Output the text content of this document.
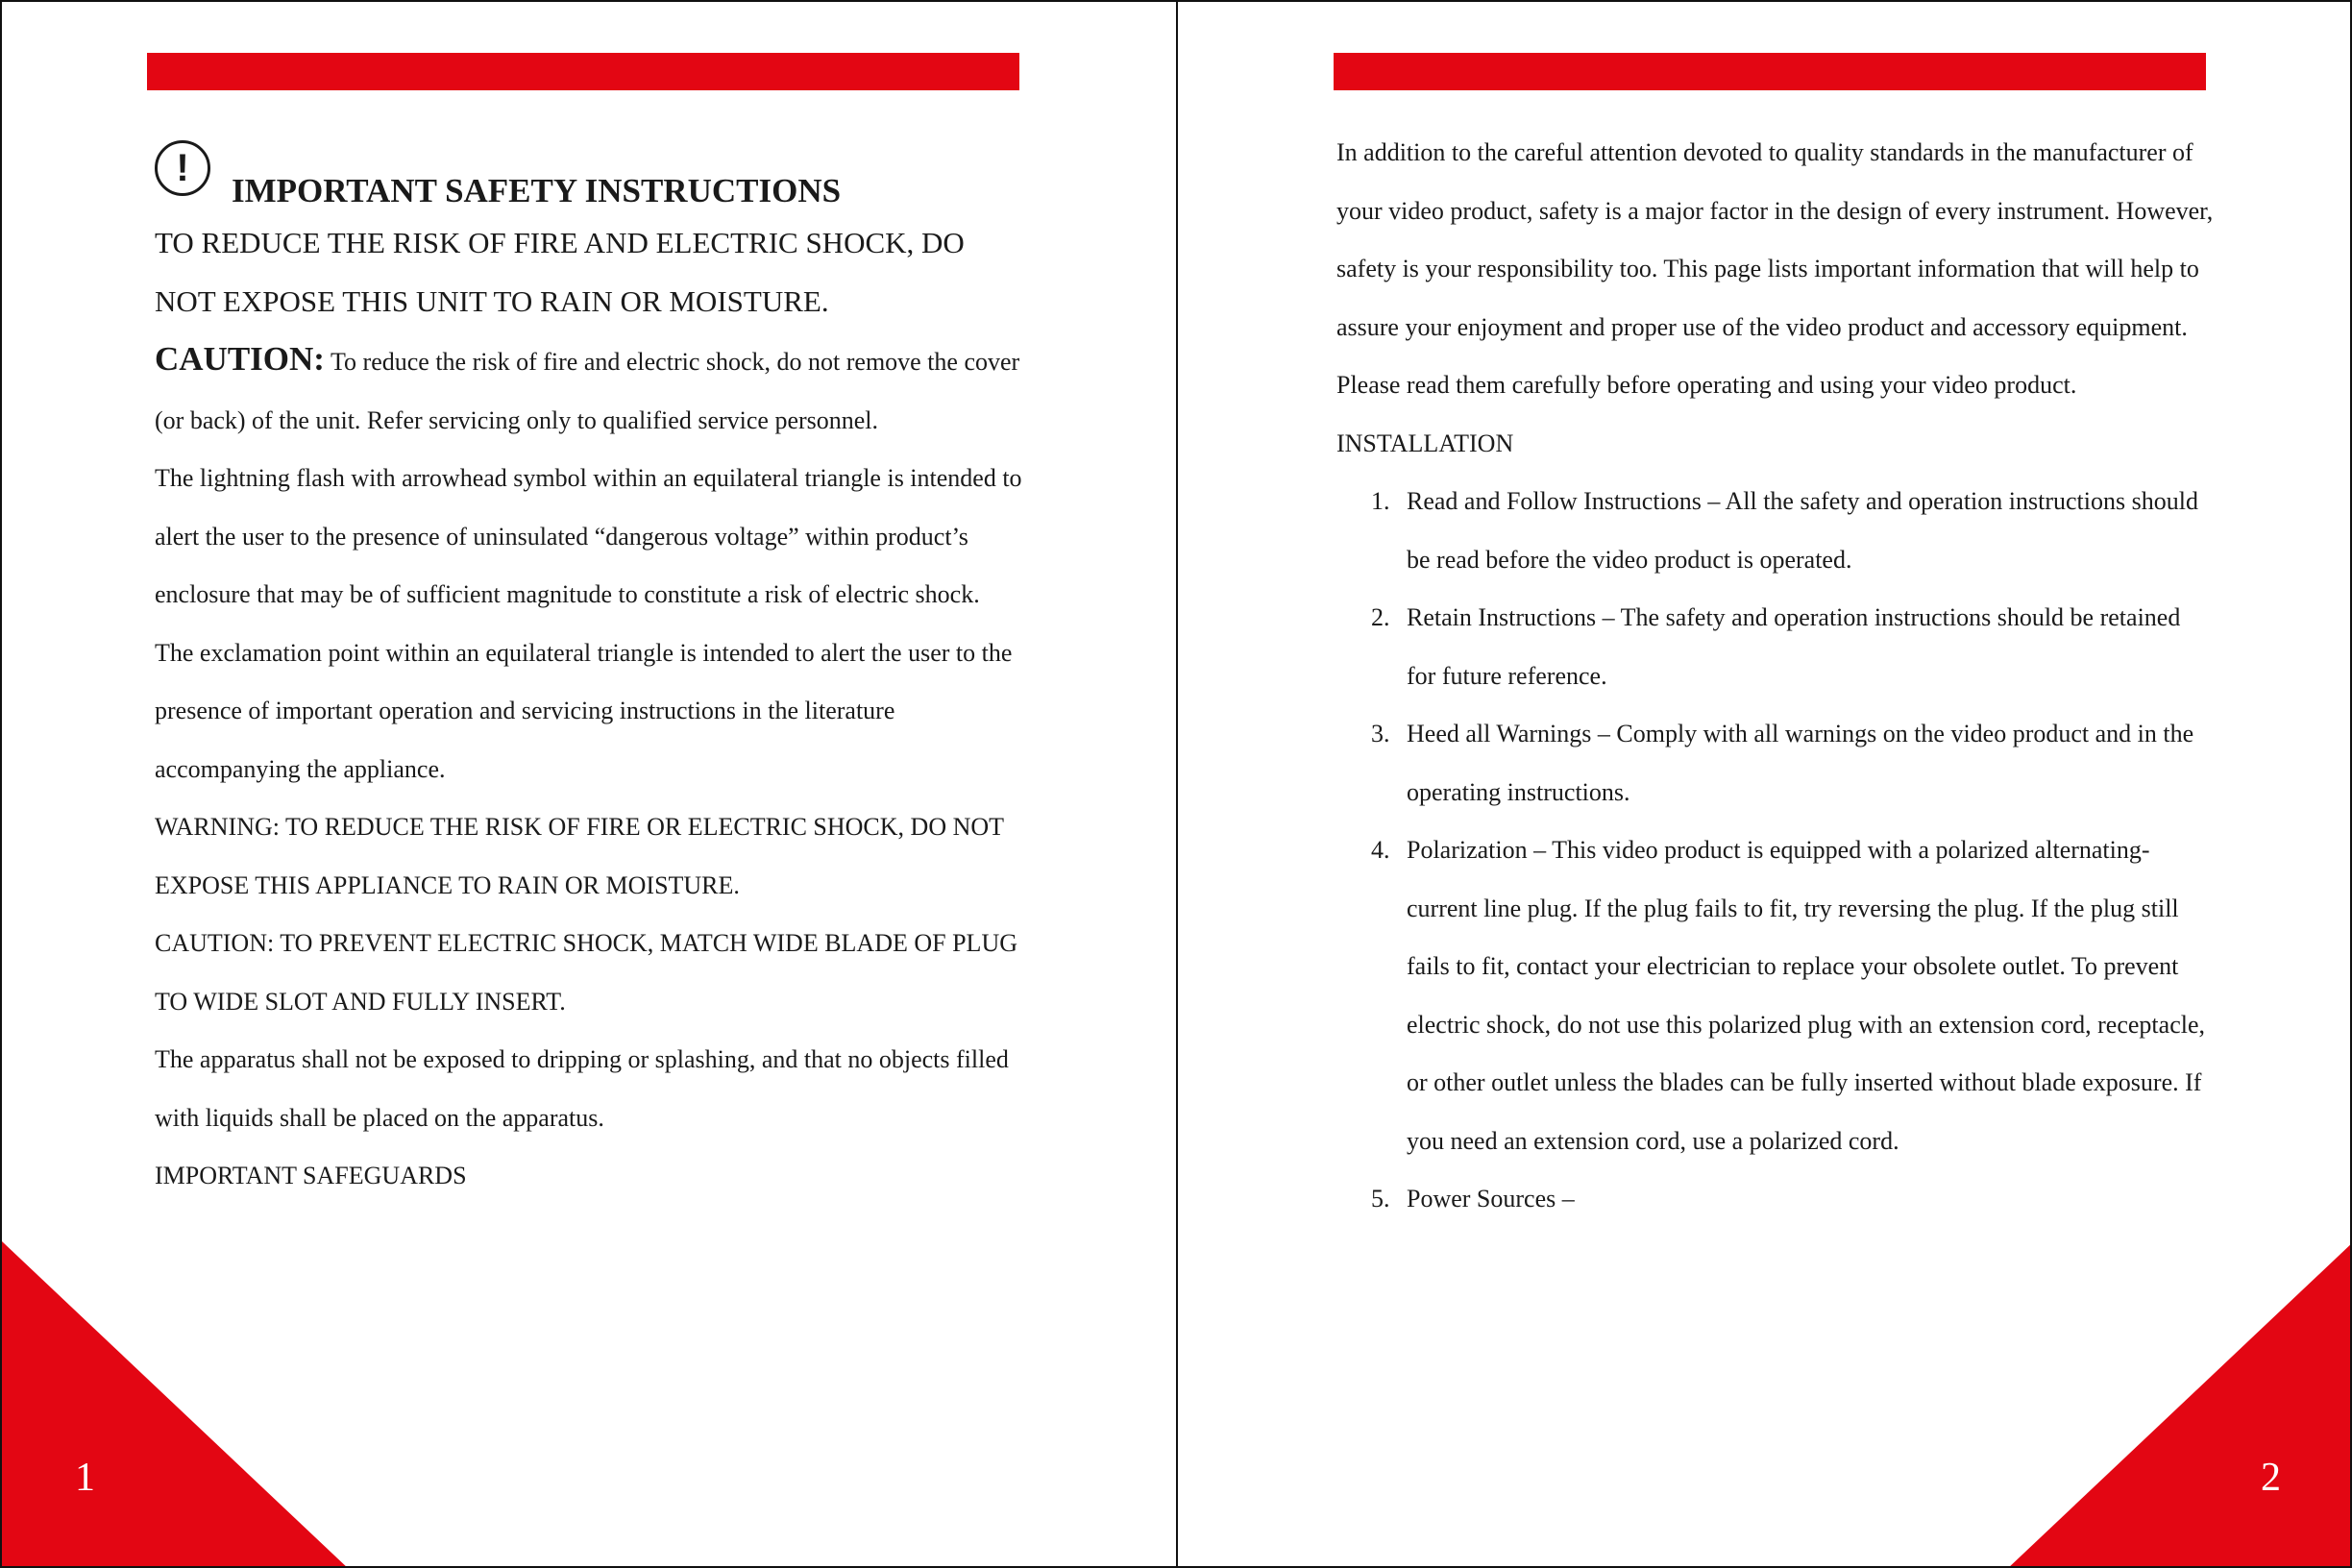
!
IMPORTANT SAFETY INSTRUCTIONS

TO REDUCE THE RISK OF FIRE AND ELECTRIC SHOCK, DO NOT EXPOSE THIS UNIT TO RAIN OR MOISTURE.

CAUTION: To reduce the risk of fire and electric shock, do not remove the cover (or back) of the unit. Refer servicing only to qualified service personnel.

The lightning flash with arrowhead symbol within an equilateral triangle is intended to alert the user to the presence of uninsulated “dangerous voltage” within product’s enclosure that may be of sufficient magnitude to constitute a risk of electric shock.

The exclamation point within an equilateral triangle is intended to alert the user to the presence of important operation and servicing instructions in the literature accompanying the appliance.

WARNING: TO REDUCE THE RISK OF FIRE OR ELECTRIC SHOCK, DO NOT EXPOSE THIS APPLIANCE TO RAIN OR MOISTURE.

CAUTION: TO PREVENT ELECTRIC SHOCK, MATCH WIDE BLADE OF PLUG TO WIDE SLOT AND FULLY INSERT.

The apparatus shall not be exposed to dripping or splashing, and that no objects filled with liquids shall be placed on the apparatus.

IMPORTANT SAFEGUARDS

1

In addition to the careful attention devoted to quality standards in the manufacturer of your video product, safety is a major factor in the design of every instrument. However, safety is your responsibility too. This page lists important information that will help to assure your enjoyment and proper use of the video product and accessory equipment. Please read them carefully before operating and using your video product.

INSTALLATION

1. Read and Follow Instructions – All the safety and operation instructions should be read before the video product is operated.
2. Retain Instructions – The safety and operation instructions should be retained for future reference.
3. Heed all Warnings – Comply with all warnings on the video product and in the operating instructions.
4. Polarization – This video product is equipped with a polarized alternating-current line plug. If the plug fails to fit, try reversing the plug. If the plug still fails to fit, contact your electrician to replace your obsolete outlet. To prevent electric shock, do not use this polarized plug with an extension cord, receptacle, or other outlet unless the blades can be fully inserted without blade exposure. If you need an extension cord, use a polarized cord.
5. Power Sources –
2
